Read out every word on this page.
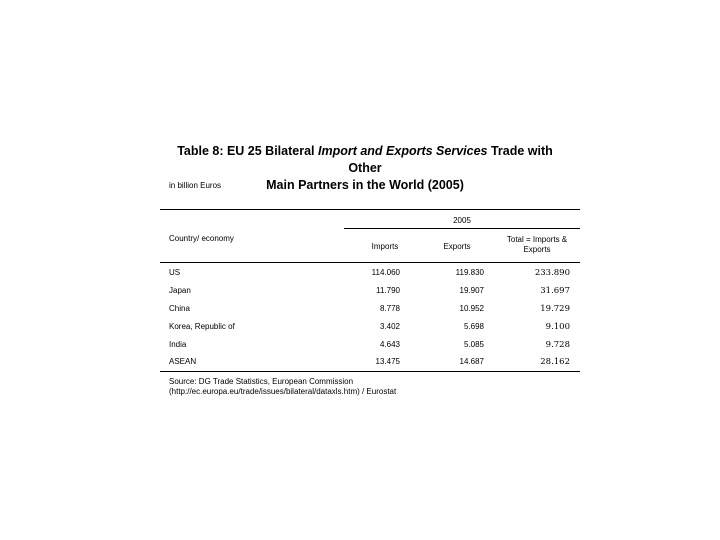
Table 8: EU 25 Bilateral Import and Exports Services Trade with Other
Main Partners in the World (2005)
in billion Euros
2005
Country/ economy
Imports	Exports
Total = Imports &
Exports
US	114.060	119.830	233.890
Japan	11.790	19.907	31.697
China	8.778	10.952	19.729
Korea, Republic of	3.402	5.698	9.100
India	4.643	5.085	9.728
ASEAN	13.475	14.687	28.162
Source: DG Trade Statistics, European Commission
(http://ec.europa.eu/trade/issues/bilateral/dataxls.htm) / Eurostat
